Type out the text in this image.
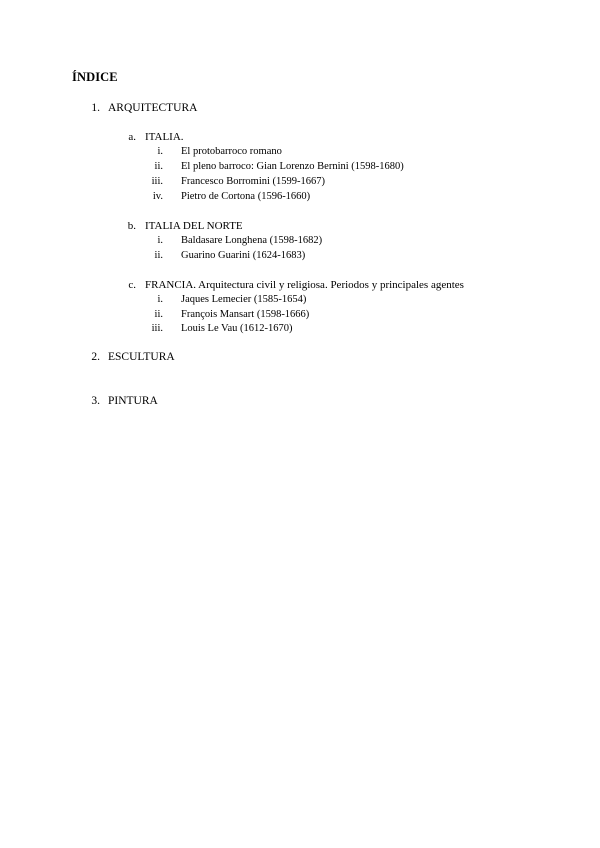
ÍNDICE
1. ARQUITECTURA
a. ITALIA.
i. El protobarroco romano
ii. El pleno barroco: Gian Lorenzo Bernini (1598-1680)
iii. Francesco Borromini (1599-1667)
iv. Pietro de Cortona (1596-1660)
b. ITALIA DEL NORTE
i. Baldasare Longhena (1598-1682)
ii. Guarino Guarini (1624-1683)
c. FRANCIA. Arquitectura civil y religiosa. Periodos y principales agentes
i. Jaques Lemecier (1585-1654)
ii. François Mansart (1598-1666)
iii. Louis Le Vau (1612-1670)
2. ESCULTURA
3. PINTURA
